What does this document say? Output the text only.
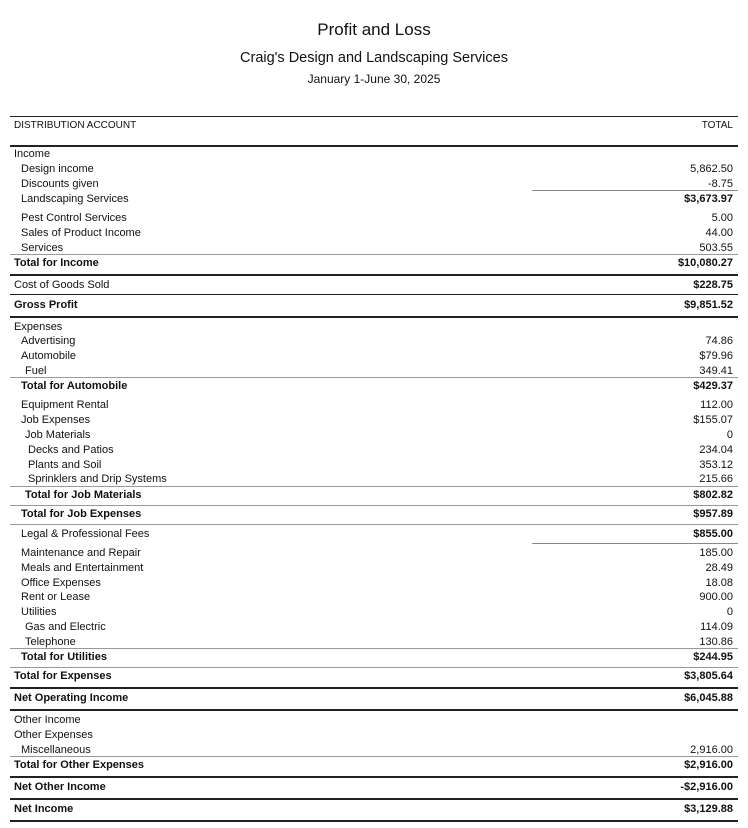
Profit and Loss
Craig's Design and Landscaping Services
January 1-June 30, 2025
DISTRIBUTION ACCOUNT	TOTAL
Income
Design income	5,862.50
Discounts given	-8.75
Landscaping Services	$3,673.97
Pest Control Services	5.00
Sales of Product Income	44.00
Services	503.55
Total for Income	$10,080.27
Cost of Goods Sold	$228.75
Gross Profit	$9,851.52
Expenses
Advertising	74.86
Automobile	$79.96
Fuel	349.41
Total for Automobile	$429.37
Equipment Rental	112.00
Job Expenses	$155.07
Job Materials	0
Decks and Patios	234.04
Plants and Soil	353.12
Sprinklers and Drip Systems	215.66
Total for Job Materials	$802.82
Total for Job Expenses	$957.89
Legal & Professional Fees	$855.00
Maintenance and Repair	185.00
Meals and Entertainment	28.49
Office Expenses	18.08
Rent or Lease	900.00
Utilities	0
Gas and Electric	114.09
Telephone	130.86
Total for Utilities	$244.95
Total for Expenses	$3,805.64
Net Operating Income	$6,045.88
Other Income
Other Expenses
Miscellaneous	2,916.00
Total for Other Expenses	$2,916.00
Net Other Income	-$2,916.00
Net Income	$3,129.88
